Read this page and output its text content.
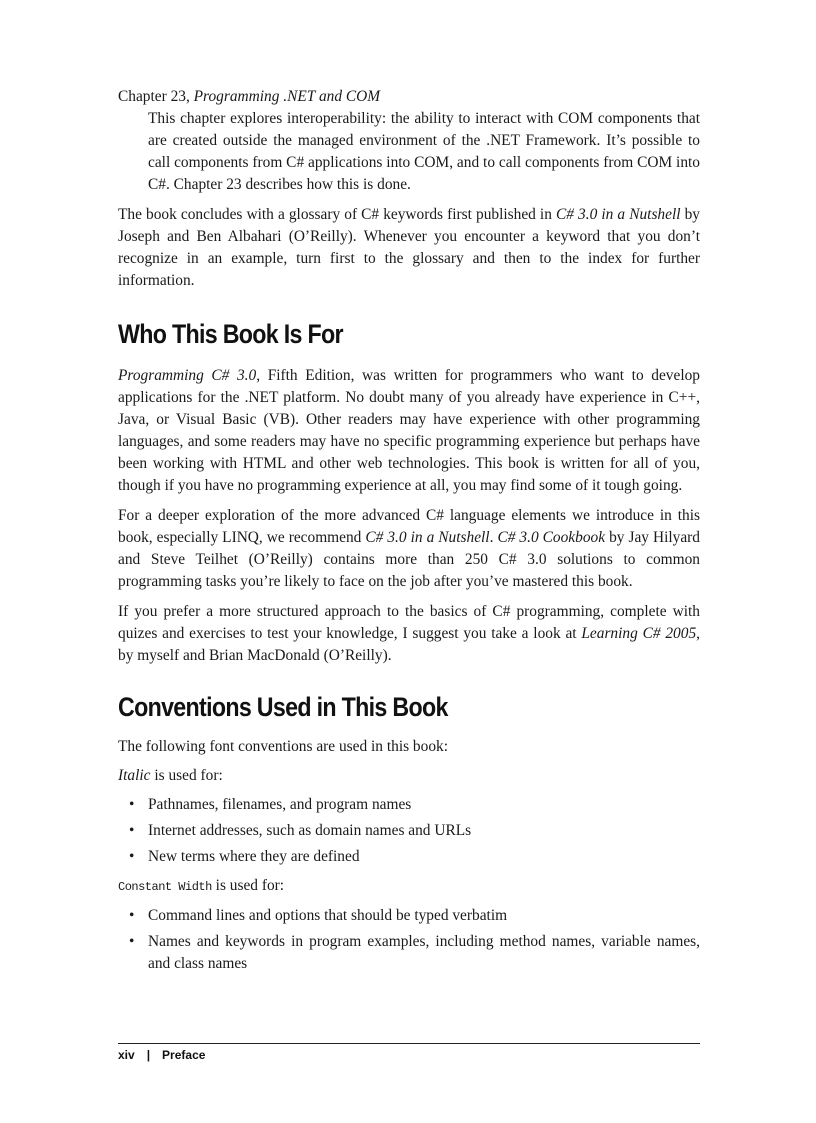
Chapter 23, Programming .NET and COM

This chapter explores interoperability: the ability to interact with COM components that are created outside the managed environment of the .NET Framework. It’s possible to call components from C# applications into COM, and to call components from COM into C#. Chapter 23 describes how this is done.

The book concludes with a glossary of C# keywords first published in C# 3.0 in a Nutshell by Joseph and Ben Albahari (O’Reilly). Whenever you encounter a keyword that you don’t recognize in an example, turn first to the glossary and then to the index for further information.

Who This Book Is For

Programming C# 3.0, Fifth Edition, was written for programmers who want to develop applications for the .NET platform. No doubt many of you already have experience in C++, Java, or Visual Basic (VB). Other readers may have experience with other programming languages, and some readers may have no specific programming experience but perhaps have been working with HTML and other web technologies. This book is written for all of you, though if you have no programming experience at all, you may find some of it tough going.

For a deeper exploration of the more advanced C# language elements we introduce in this book, especially LINQ, we recommend C# 3.0 in a Nutshell. C# 3.0 Cookbook by Jay Hilyard and Steve Teilhet (O’Reilly) contains more than 250 C# 3.0 solutions to common programming tasks you’re likely to face on the job after you’ve mastered this book.

If you prefer a more structured approach to the basics of C# programming, complete with quizes and exercises to test your knowledge, I suggest you take a look at Learning C# 2005, by myself and Brian MacDonald (O’Reilly).

Conventions Used in This Book

The following font conventions are used in this book:

Italic is used for:

• Pathnames, filenames, and program names
• Internet addresses, such as domain names and URLs
• New terms where they are defined

Constant Width is used for:

• Command lines and options that should be typed verbatim
• Names and keywords in program examples, including method names, variable names, and class names
xiv | Preface
